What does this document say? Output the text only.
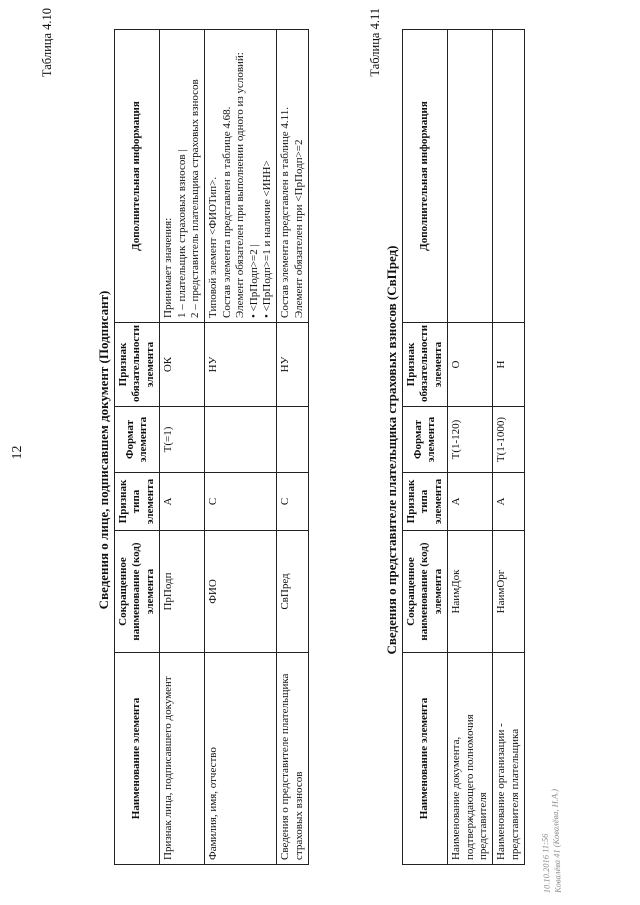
12
Таблица 4.10
Сведения о лице, подписавшем документ (Подписант)
Наименование элемента	Сокращенное наименование (код) элемента	Признак типа элемента	Формат элемента	Признак обязательности элемента	Дополнительная информация
Признак лица, подписавшего документ	ПрПодп	А	Т(=1)	ОК	Принимает значения: 1 – плательщик страховых взносов | 2 – представитель плательщика страховых взносов

Фамилия, имя, отчество	ФИО	С		НУ	Типовой элемент <ФИОТип>. Состав элемента представлен в таблице 4.68. Элемент обязателен при выполнении одного из условий: • <ПрПодп>=2 | • <ПрПодп>=1 и наличие <ИНН>

Сведения о представителе плательщика страховых взносов	СвПред	С		НУ	Состав элемента представлен в таблице 4.11. Элемент обязателен при <ПрПодп>=2
Таблица 4.11
Сведения о представителе плательщика страховых взносов (СвПред)
Наименование элемента	Сокращенное наименование (код) элемента	Признак типа элемента	Формат элемента	Признак обязательности элемента	Дополнительная информация
Наименование документа, подтверждающего полномочия представителя	НаимДок	А	Т(1-120)	О	
Наименование организации - представителя плательщика	НаимОрг	А	Т(1-1000)	Н	
10.10.2016 11:56
Ковалёва 41 (Ковалёва, Н.А.)
